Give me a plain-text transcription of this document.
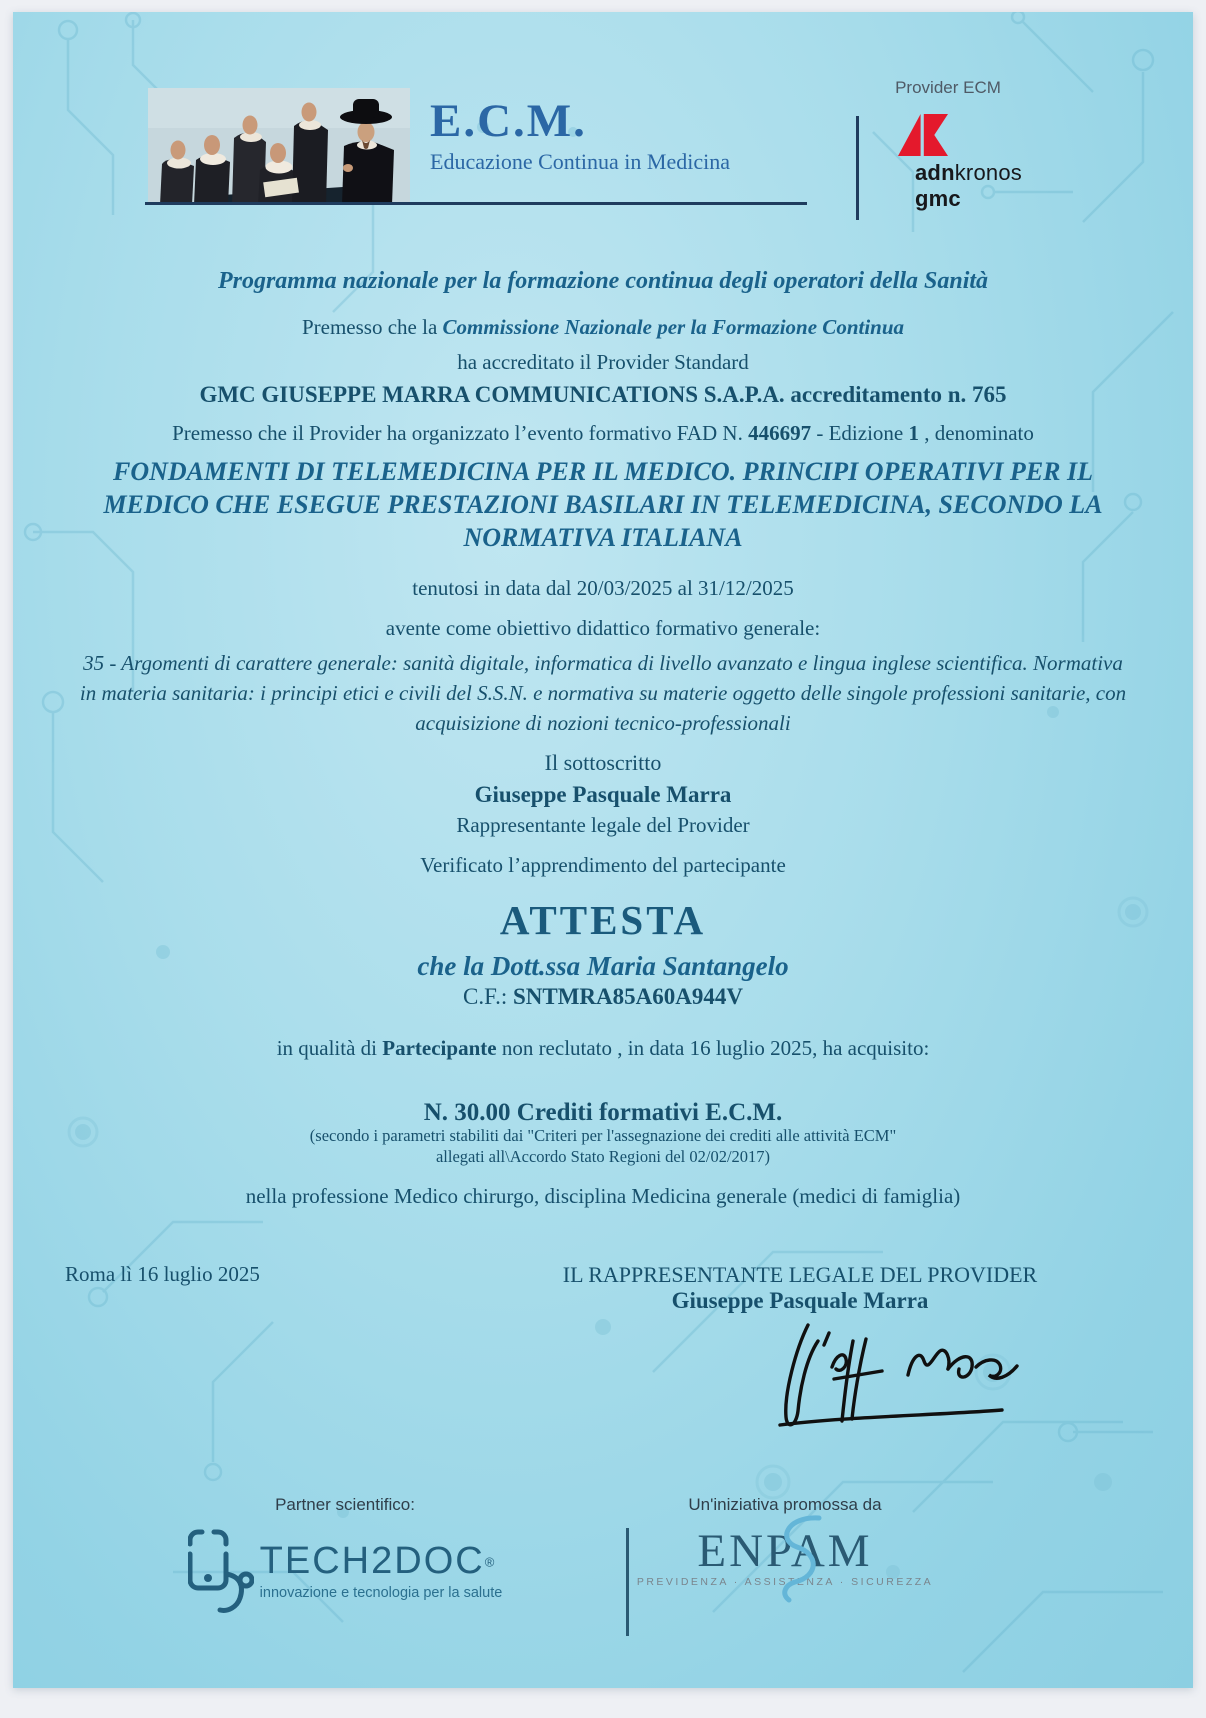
E.C.M.
Educazione Continua in Medicina
Provider ECM
adnkronos
gmc
Programma nazionale per la formazione continua degli operatori della Sanità
Premesso che la Commissione Nazionale per la Formazione Continua
ha accreditato il Provider Standard
GMC GIUSEPPE MARRA COMMUNICATIONS S.A.P.A. accreditamento n. 765
Premesso che il Provider ha organizzato l’evento formativo FAD N. 446697 - Edizione 1 , denominato
FONDAMENTI DI TELEMEDICINA PER IL MEDICO. PRINCIPI OPERATIVI PER IL MEDICO CHE ESEGUE PRESTAZIONI BASILARI IN TELEMEDICINA, SECONDO LA NORMATIVA ITALIANA
tenutosi in data dal 20/03/2025 al 31/12/2025
avente come obiettivo didattico formativo generale:
35 - Argomenti di carattere generale: sanità digitale, informatica di livello avanzato e lingua inglese scientifica. Normativa in materia sanitaria: i principi etici e civili del S.S.N. e normativa su materie oggetto delle singole professioni sanitarie, con acquisizione di nozioni tecnico-professionali
Il sottoscritto
Giuseppe Pasquale Marra
Rappresentante legale del Provider
Verificato l’apprendimento del partecipante
ATTESTA
che la Dott.ssa Maria Santangelo
C.F.: SNTMRA85A60A944V
in qualità di Partecipante non reclutato , in data 16 luglio 2025, ha acquisito:
N. 30.00 Crediti formativi E.C.M.
(secondo i parametri stabiliti dai "Criteri per l'assegnazione dei crediti alle attività ECM"
allegati all\Accordo Stato Regioni del 02/02/2017)
nella professione Medico chirurgo, disciplina Medicina generale (medici di famiglia)
Roma lì 16 luglio 2025	IL RAPPRESENTANTE LEGALE DEL PROVIDER
Giuseppe Pasquale Marra
Partner scientifico:
TECH2DOC®
innovazione e tecnologia per la salute
Un'iniziativa promossa da
ENPAM
PREVIDENZA · ASSISTENZA · SICUREZZA
